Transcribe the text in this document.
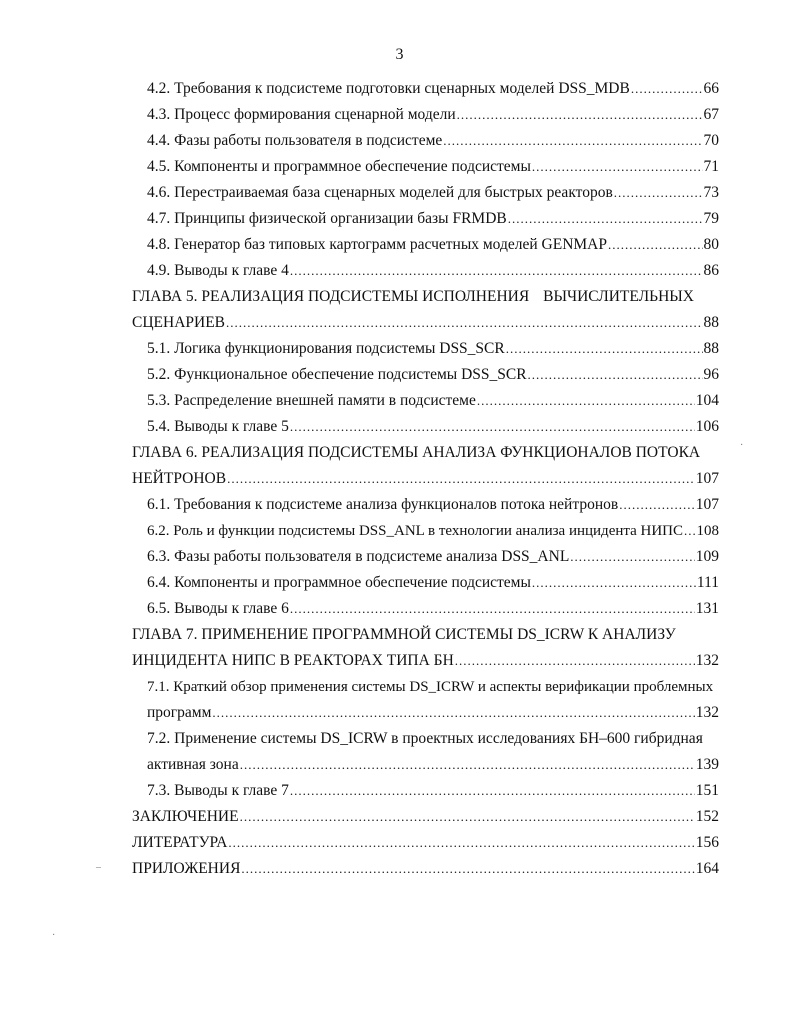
3
4.2. Требования к подсистеме подготовки сценарных моделей DSS_MDB .....	66
4.3. Процесс формирования сценарной модели .....	67
4.4. Фазы работы пользователя в подсистеме .....	70
4.5. Компоненты и программное обеспечение подсистемы .....	71
4.6. Перестраиваемая база сценарных моделей для быстрых реакторов .....	73
4.7. Принципы физической организации базы FRMDB .....	79
4.8. Генератор баз типовых картограмм расчетных моделей GENMAP .....	80
4.9. Выводы к главе 4 .....	86
ГЛАВА 5. РЕАЛИЗАЦИЯ ПОДСИСТЕМЫ ИСПОЛНЕНИЯ ВЫЧИСЛИТЕЛЬНЫХ
СЦЕНАРИЕВ .....	88
5.1. Логика функционирования подсистемы DSS_SCR .....	88
5.2. Функциональное обеспечение подсистемы DSS_SCR .....	96
5.3. Распределение внешней памяти в подсистеме .....	104
5.4. Выводы к главе 5 .....	106
ГЛАВА 6. РЕАЛИЗАЦИЯ ПОДСИСТЕМЫ АНАЛИЗА ФУНКЦИОНАЛОВ ПОТОКА
НЕЙТРОНОВ .....	107
6.1. Требования к подсистеме анализа функционалов потока нейтронов .....	107
6.2. Роль и функции подсистемы DSS_ANL в технологии анализа инцидента НИПС ..... 108
6.3. Фазы работы пользователя в подсистеме анализа DSS_ANL .....	109
6.4. Компоненты и программное обеспечение подсистемы .....	111
6.5. Выводы к главе 6 .....	131
ГЛАВА 7. ПРИМЕНЕНИЕ ПРОГРАММНОЙ СИСТЕМЫ DS_ICRW К АНАЛИЗУ
ИНЦИДЕНТА НИПС В РЕАКТОРАХ ТИПА БН .....	132
7.1. Краткий обзор применения системы DS_ICRW и аспекты верификации проблемных
программ .....	132
7.2. Применение системы DS_ICRW в проектных исследованиях БН–600 гибридная
активная зона .....	139
7.3. Выводы к главе 7 .....	151
ЗАКЛЮЧЕНИЕ .....	152
ЛИТЕРАТУРА .....	156
ПРИЛОЖЕНИЯ .....	164
–
·
·
